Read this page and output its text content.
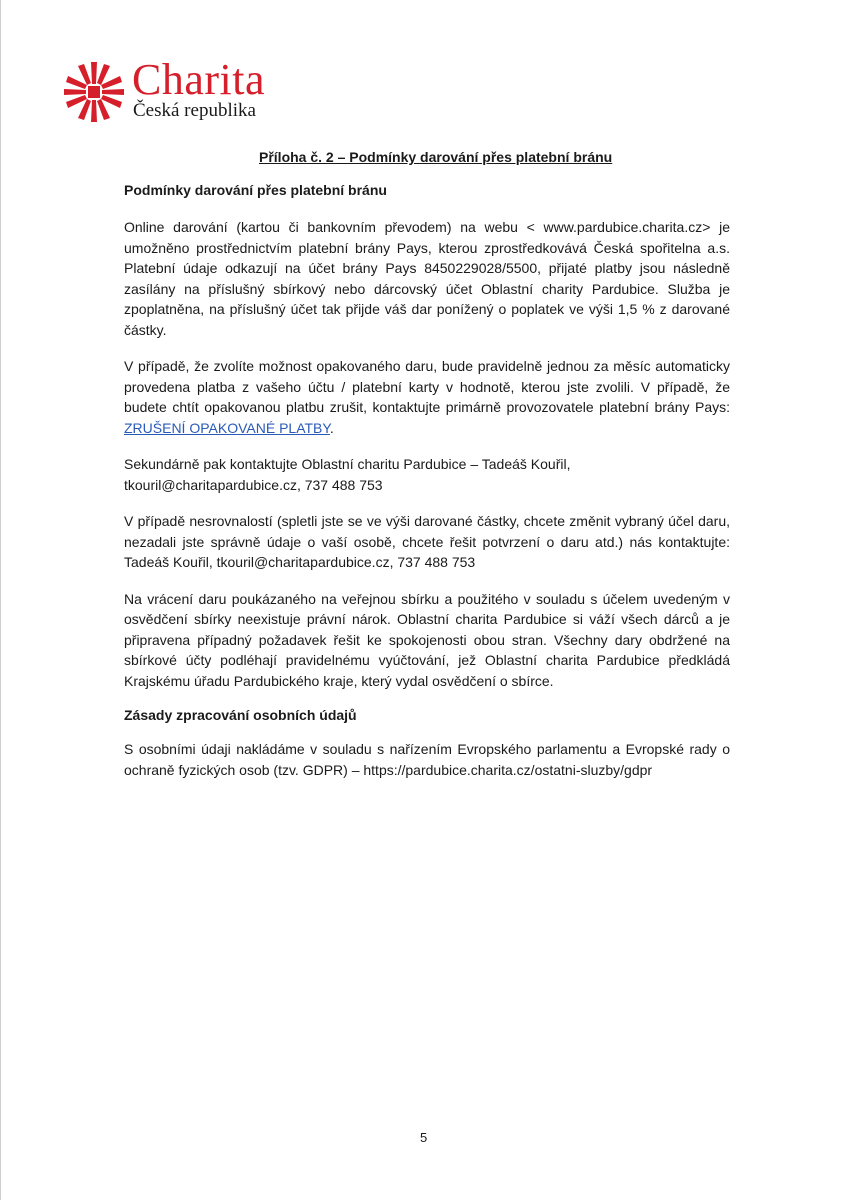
Charita
Česká republika
Příloha č. 2 – Podmínky darování přes platební bránu
Podmínky darování přes platební bránu

Online darování (kartou či bankovním převodem) na webu < www.pardubice.charita.cz> je umožněno prostřednictvím platební brány Pays, kterou zprostředkovává Česká spořitelna a.s. Platební údaje odkazují na účet brány Pays 8450229028/5500, přijaté platby jsou následně zasílány na příslušný sbírkový nebo dárcovský účet Oblastní charity Pardubice. Služba je zpoplatněna, na příslušný účet tak přijde váš dar ponížený o poplatek ve výši 1,5 % z darované částky.

V případě, že zvolíte možnost opakovaného daru, bude pravidelně jednou za měsíc automaticky provedena platba z vašeho účtu / platební karty v hodnotě, kterou jste zvolili. V případě, že budete chtít opakovanou platbu zrušit, kontaktujte primárně provozovatele platební brány Pays: ZRUŠENÍ OPAKOVANÉ PLATBY.

Sekundárně pak kontaktujte Oblastní charitu Pardubice – Tadeáš Kouřil, tkouril@charitapardubice.cz, 737 488 753

V případě nesrovnalostí (spletli jste se ve výši darované částky, chcete změnit vybraný účel daru, nezadali jste správně údaje o vaší osobě, chcete řešit potvrzení o daru atd.) nás kontaktujte: Tadeáš Kouřil, tkouril@charitapardubice.cz, 737 488 753

Na vrácení daru poukázaného na veřejnou sbírku a použitého v souladu s účelem uvedeným v osvědčení sbírky neexistuje právní nárok. Oblastní charita Pardubice si váží všech dárců a je připravena případný požadavek řešit ke spokojenosti obou stran. Všechny dary obdržené na sbírkové účty podléhají pravidelnému vyúčtování, jež Oblastní charita Pardubice předkládá Krajskému úřadu Pardubického kraje, který vydal osvědčení o sbírce.

Zásady zpracování osobních údajů

S osobními údaji nakládáme v souladu s nařízením Evropského parlamentu a Evropské rady o ochraně fyzických osob (tzv. GDPR) – https://pardubice.charita.cz/ostatni-sluzby/gdpr

5
